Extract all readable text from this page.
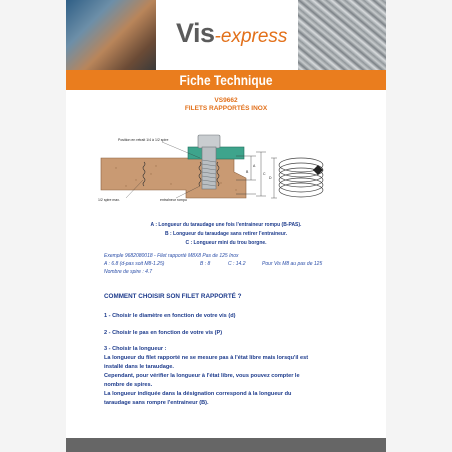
Vis-express
Fiche Technique
VS9662
FILETS RAPPORTÉS INOX
Position en retrait 1/4 à 1/2 spire
1/2 spire max.	entraîneur rompu
A
B	C
D
A : Longueur du taraudage une fois l'entraineur rompu (B-PAS).
B : Longueur du taraudage sans retirer l'entraineur.
C : Longueur mini du trou borgne.
Exemple 9682080018 - Filet rapporté M8X8 Pas de 125 Inox
A : 6.8 (d-pas soit M8-1.25)	B : 8	C : 14.2	Pour Vis M8 au pas de 125
Nombre de spire : 4.7
COMMENT CHOISIR SON FILET RAPPORTÉ ?
1 - Choisir le diamètre en fonction de votre vis (d)
2 - Choisir le pas en fonction de votre vis (P)
3 - Choisir la longueur :
La longueur du filet rapporté ne se mesure pas à l'état libre mais lorsqu'il est
installé dans le taraudage.
Cependant, pour vérifier la longueur à l'état libre, vous pouvez compter le
nombre de spires.
La longueur indiquée dans la désignation correspond à la longueur du
taraudage sans rompre l'entraineur (B).
